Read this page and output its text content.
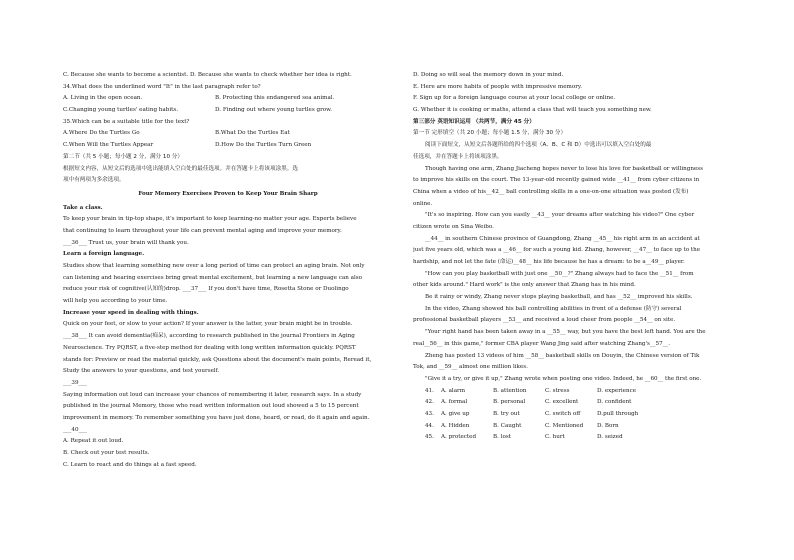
C. Because she wants to become a scientist. D. Because she wants to check whether her idea is right.
34.What does the underlined word "It" in the last paragraph refer to?
A. Living in the open ocean.	B. Protecting this endangered sea animal.
C.Changing young turtles' eating habits.	D. Finding out where young turtles grow.
35.Which can be a suitable title for the text?
A.Where Do the Turtles Go	B.What Do the Turtles Eat
C.When Will the Turtles Appear	D.How Do the Turtles Turn Green
第二节（共 5 小题；每小题 2 分，满分 10 分）
根据短文内容，从短文后的选项中选出能填入空白处的最佳选项。并在答题卡上将该项涂黑。选
项中有两项为多余选项。
Four Memory Exercises Proven to Keep Your Brain Sharp
Take a class.
To keep your brain in tip-top shape, it's important to keep learning-no matter your age. Experts believe
that continuing to learn throughout your life can prevent mental aging and improve your memory.
___36___ Trust us, your brain will thank you.
Learn a foreign language.
Studies show that learning something new over a long period of time can protect an aging brain. Not only
can listening and hearing exercises bring great mental excitement, but learning a new language can also
reduce your risk of cognitive(认知的)drop. ___37___ If you don't have time, Rosetta Stone or Duolingo
will help you according to your time.
Increase your speed in dealing with things.
Quick on your feet, or slow to your action? If your answer is the latter, your brain might be in trouble.
___38___ It can avoid dementia(痴呆), according to research published in the journal Frontiers in Aging
Neuroscience. Try PQRST, a five-step method for dealing with long written information quickly. PQRST
stands for: Preview or read the material quickly, ask Questions about the document's main points, Reread it,
Study the answers to your questions, and test yourself.
___39___
Saying information out loud can increase your chances of remembering it later, research says. In a study
published in the journal Memory, those who read written information out loud showed a 5 to 15 percent
improvement in memory. To remember something you have just done, heard, or read, do it again and again.
___40___
A. Repeat it out loud.
B. Check out your test results.
C. Learn to react and do things at a fast speed.
D. Doing so will seal the memory down in your mind.
E. Here are more habits of people with impressive memory.
F. Sign up for a foreign language course at your local college or online.
G. Whether it is cooking or maths, attend a class that will teach you something new.
第三部分 英语知识运用 （共两节，满分 45 分）
第一节 完形填空（共 20 小题；每小题 1.5 分，满分 30 分）
阅读下面短文，从短文后各题所给的四个选项（A、B、C 和 D）中选出可以填入空白处的最
佳选项，并在答题卡上将该项涂黑。
Though having one arm, Zhang Jiacheng hopes never to lose his love for basketball or willingness
to improve his skills on the court. The 13-year-old recently gained wide __41__ from cyber citizens in
China when a video of his__42__ ball controlling skills in a one-on-one situation was posted (发布)
online.
"It's so inspiring. How can you easily __43__ your dreams after watching his video?" One cyber
citizen wrote on Sina Weibo.
__44__ in southern Chinese province of Guangdong, Zhang __45__ his right arm in an accident at
just five years old, which was a __46__ for such a young kid. Zhang, however, __47__ to face up to the
hardship, and not let the fate (命运)__48__ his life because he has a dream: to be a__49__ player.
"How can you play basketball with just one __50__?" Zhang always had to face the __51__ from
other kids around." Hard work" is the only answer that Zhang has in his mind.
Be it rainy or windy, Zhang never stops playing basketball, and has __52__ improved his skills.
In the video, Zhang showed his ball controlling abilities in front of a defense (防守) several
professional basketball players __53__ and received a loud cheer from people __54__ on site.
"Your right hand has been taken away in a __55__ way, but you have the best left hand. You are the
real__56__ in this game," former CBA player Wang Jing said after watching Zhang's__57__.
Zheng has posted 13 videos of him __58__ basketball skills on Douyin, the Chinese version of Tik
Tok, and __59__ almost one million likes.
"Give it a try, or give it up," Zhang wrote when posting one video. Indeed, he __60__ the first one.
41.	A. alarm	B. attention	C. stress	D. experience
42.	A. formal	B. personal	C. excellent	D. confident
43.	A. give up	B. try out	C. switch off	D.pull through
44.	A. Hidden	B. Caught	C. Mentioned	D. Born
45.	A. protected	B. lost	C. hurt	D. seized
